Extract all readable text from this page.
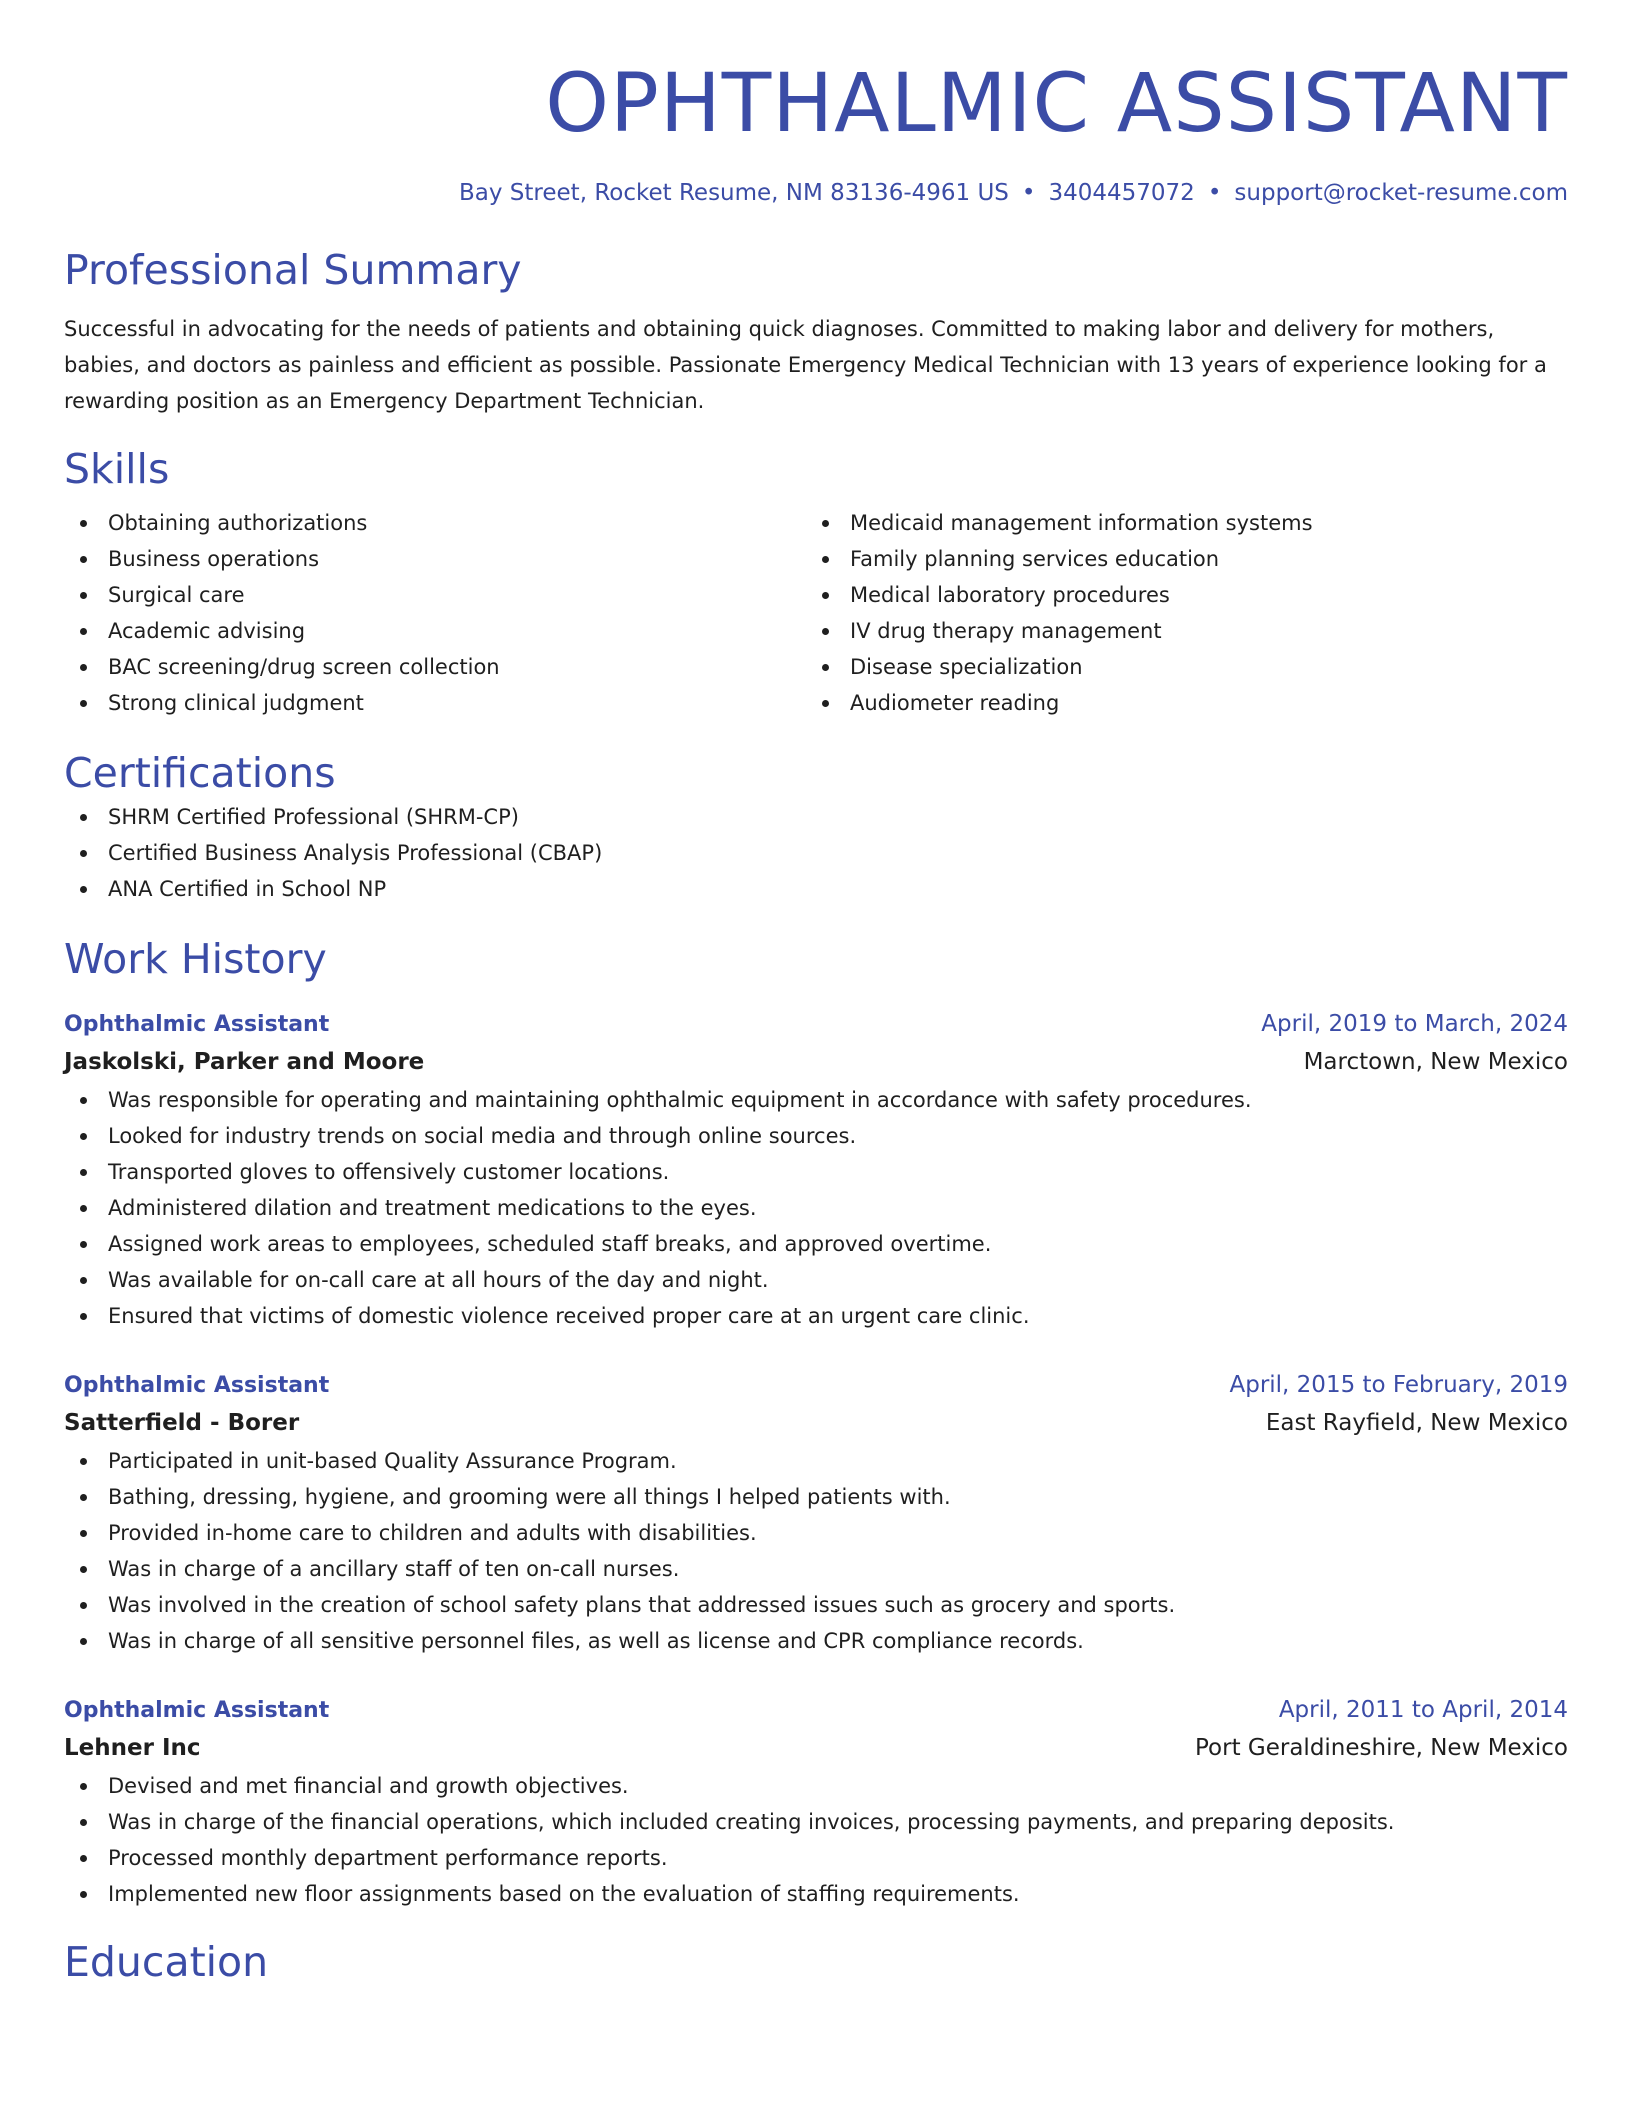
OPHTHALMIC ASSISTANT
Bay Street, Rocket Resume, NM 83136-4961 US • 3404457072 • support@rocket-resume.com
Professional Summary
Successful in advocating for the needs of patients and obtaining quick diagnoses. Committed to making labor and delivery for mothers, babies, and doctors as painless and efficient as possible. Passionate Emergency Medical Technician with 13 years of experience looking for a rewarding position as an Emergency Department Technician.
Skills
Obtaining authorizations
Business operations
Surgical care
Academic advising
BAC screening/drug screen collection
Strong clinical judgment
Medicaid management information systems
Family planning services education
Medical laboratory procedures
IV drug therapy management
Disease specialization
Audiometer reading
Certifications
SHRM Certified Professional (SHRM-CP)
Certified Business Analysis Professional (CBAP)
ANA Certified in School NP
Work History
Ophthalmic Assistant	April, 2019 to March, 2024
Jaskolski, Parker and Moore	Marctown, New Mexico
Was responsible for operating and maintaining ophthalmic equipment in accordance with safety procedures.
Looked for industry trends on social media and through online sources.
Transported gloves to offensively customer locations.
Administered dilation and treatment medications to the eyes.
Assigned work areas to employees, scheduled staff breaks, and approved overtime.
Was available for on-call care at all hours of the day and night.
Ensured that victims of domestic violence received proper care at an urgent care clinic.
Ophthalmic Assistant	April, 2015 to February, 2019
Satterfield - Borer	East Rayfield, New Mexico
Participated in unit-based Quality Assurance Program.
Bathing, dressing, hygiene, and grooming were all things I helped patients with.
Provided in-home care to children and adults with disabilities.
Was in charge of a ancillary staff of ten on-call nurses.
Was involved in the creation of school safety plans that addressed issues such as grocery and sports.
Was in charge of all sensitive personnel files, as well as license and CPR compliance records.
Ophthalmic Assistant	April, 2011 to April, 2014
Lehner Inc	Port Geraldineshire, New Mexico
Devised and met financial and growth objectives.
Was in charge of the financial operations, which included creating invoices, processing payments, and preparing deposits.
Processed monthly department performance reports.
Implemented new floor assignments based on the evaluation of staffing requirements.
Education
